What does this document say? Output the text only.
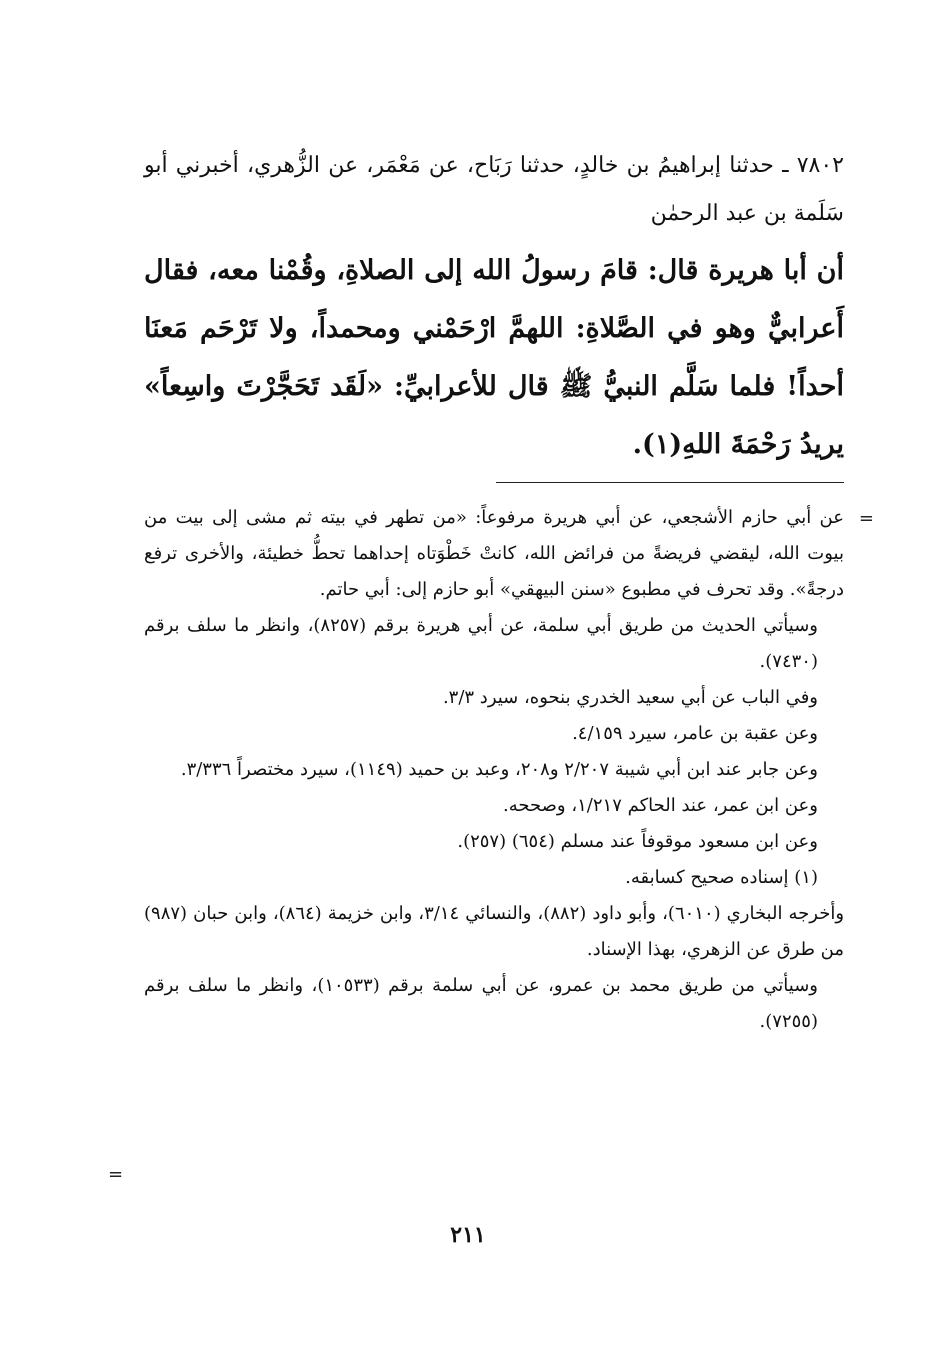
٧٨٠٢ ـ حدثنا إبراهيمُ بن خالدٍ، حدثنا رَبَاح، عن مَعْمَر، عن الزُّهري، أخبرني أبو سَلَمة بن عبد الرحمٰن
أن أبا هريرة قال: قامَ رسولُ الله إلى الصلاةِ، وقُمْنا معه، فقال أَعرابيٌّ وهو في الصَّلاةِ: اللهمَّ ارْحَمْني ومحمداً، ولا تَرْحَم مَعنَا أحداً! فلما سَلَّم النبيُّ ﷺ قال للأعرابيِّ: «لَقَد تَحَجَّرْتَ واسِعاً» يريدُ رَحْمَةَ اللهِ(١).
=

عن أبي حازم الأشجعي، عن أبي هريرة مرفوعاً: «من تطهر في بيته ثم مشى إلى بيت من بيوت الله، ليقضي فريضةً من فرائض الله، كانتْ خَطْوَتاه إحداهما تحطُّ خطيئة، والأخرى ترفع درجةً». وقد تحرف في مطبوع «سنن البيهقي» أبو حازم إلى: أبي حاتم.

وسيأتي الحديث من طريق أبي سلمة، عن أبي هريرة برقم (٨٢٥٧)، وانظر ما سلف برقم (٧٤٣٠).

وفي الباب عن أبي سعيد الخدري بنحوه، سيرد ٣/٣.

وعن عقبة بن عامر، سيرد ٤/١٥٩.

وعن جابر عند ابن أبي شيبة ٢/٢٠٧ و٢٠٨، وعبد بن حميد (١١٤٩)، سيرد مختصراً ٣/٣٣٦.

وعن ابن عمر، عند الحاكم ١/٢١٧، وصححه.

وعن ابن مسعود موقوفاً عند مسلم (٦٥٤) (٢٥٧).

(١) إسناده صحيح كسابقه.

وأخرجه البخاري (٦٠١٠)، وأبو داود (٨٨٢)، والنسائي ٣/١٤، وابن خزيمة (٨٦٤)، وابن حبان (٩٨٧) من طرق عن الزهري، بهذا الإسناد.

وسيأتي من طريق محمد بن عمرو، عن أبي سلمة برقم (١٠٥٣٣)، وانظر ما سلف برقم (٧٢٥٥).

=
٢١١
